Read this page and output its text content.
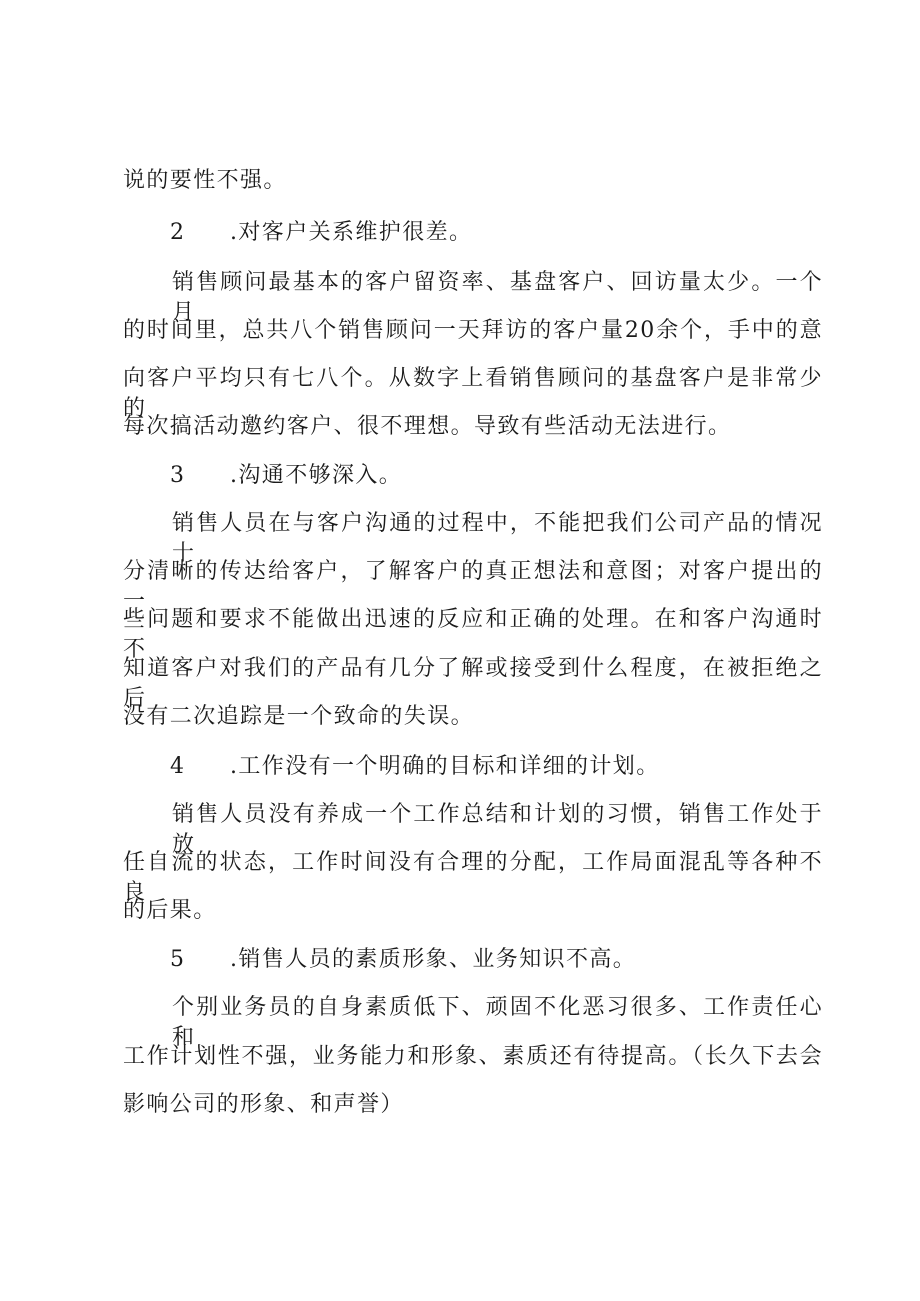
说的要性不强。
2 .对客户关系维护很差。
销售顾问最基本的客户留资率、基盘客户、回访量太少。一个月
的时间里，总共八个销售顾问一天拜访的客户量20余个，手中的意
向客户平均只有七八个。从数字上看销售顾问的基盘客户是非常少的
每次搞活动邀约客户、很不理想。导致有些活动无法进行。
3 .沟通不够深入。
销售人员在与客户沟通的过程中，不能把我们公司产品的情况十
分清晰的传达给客户，了解客户的真正想法和意图；对客户提出的一
些问题和要求不能做出迅速的反应和正确的处理。在和客户沟通时不
知道客户对我们的产品有几分了解或接受到什么程度，在被拒绝之后
没有二次追踪是一个致命的失误。
4 .工作没有一个明确的目标和详细的计划。
销售人员没有养成一个工作总结和计划的习惯，销售工作处于放
任自流的状态，工作时间没有合理的分配，工作局面混乱等各种不良
的后果。
5 .销售人员的素质形象、业务知识不高。
个别业务员的自身素质低下、顽固不化恶习很多、工作责任心和
工作计划性不强，业务能力和形象、素质还有待提高。（长久下去会
影响公司的形象、和声誉）
